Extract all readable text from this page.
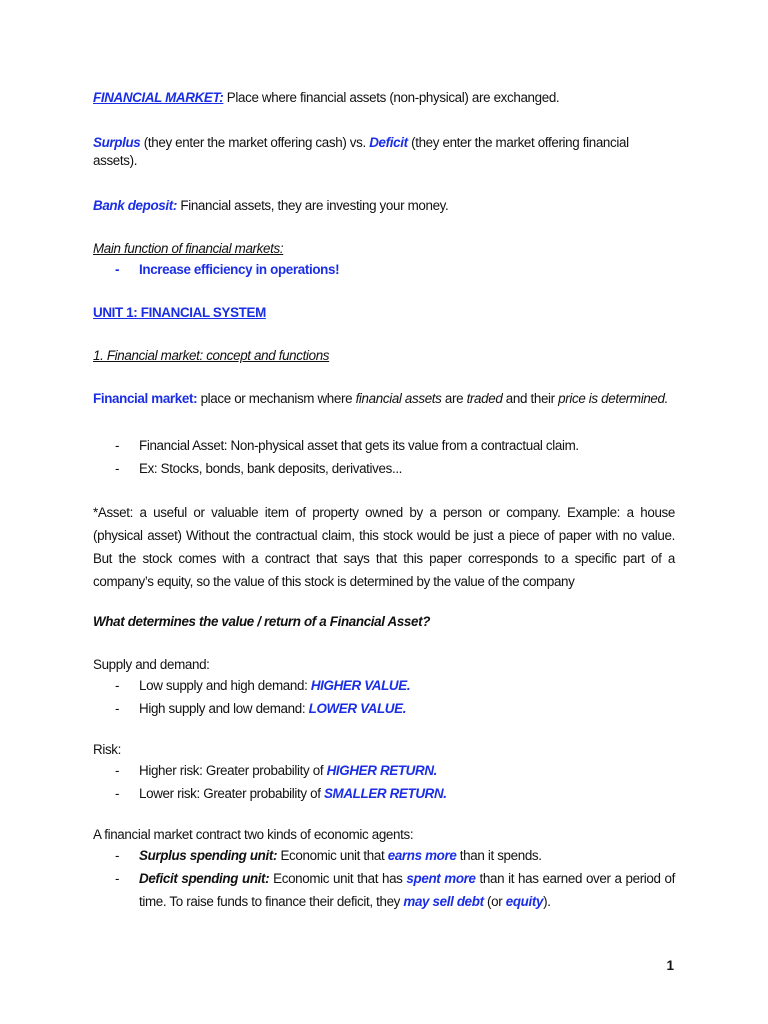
FINANCIAL MARKET: Place where financial assets (non-physical) are exchanged.

Surplus (they enter the market offering cash) vs. Deficit (they enter the market offering financial assets).

Bank deposit: Financial assets, they are investing your money.

Main function of financial markets:

- Increase efficiency in operations!

UNIT 1: FINANCIAL SYSTEM

1. Financial market: concept and functions

Financial market: place or mechanism where financial assets are traded and their price is determined.

- Financial Asset: Non-physical asset that gets its value from a contractual claim.
- Ex: Stocks, bonds, bank deposits, derivatives...

*Asset: a useful or valuable item of property owned by a person or company. Example: a house (physical asset) Without the contractual claim, this stock would be just a piece of paper with no value. But the stock comes with a contract that says that this paper corresponds to a specific part of a company’s equity, so the value of this stock is determined by the value of the company

What determines the value / return of a Financial Asset?

Supply and demand:

- Low supply and high demand: HIGHER VALUE.
- High supply and low demand: LOWER VALUE.

Risk:

- Higher risk: Greater probability of HIGHER RETURN.
- Lower risk: Greater probability of SMALLER RETURN.

A financial market contract two kinds of economic agents:

- Surplus spending unit: Economic unit that earns more than it spends.
- Deficit spending unit: Economic unit that has spent more than it has earned over a period of time. To raise funds to finance their deficit, they may sell debt (or equity).
1
